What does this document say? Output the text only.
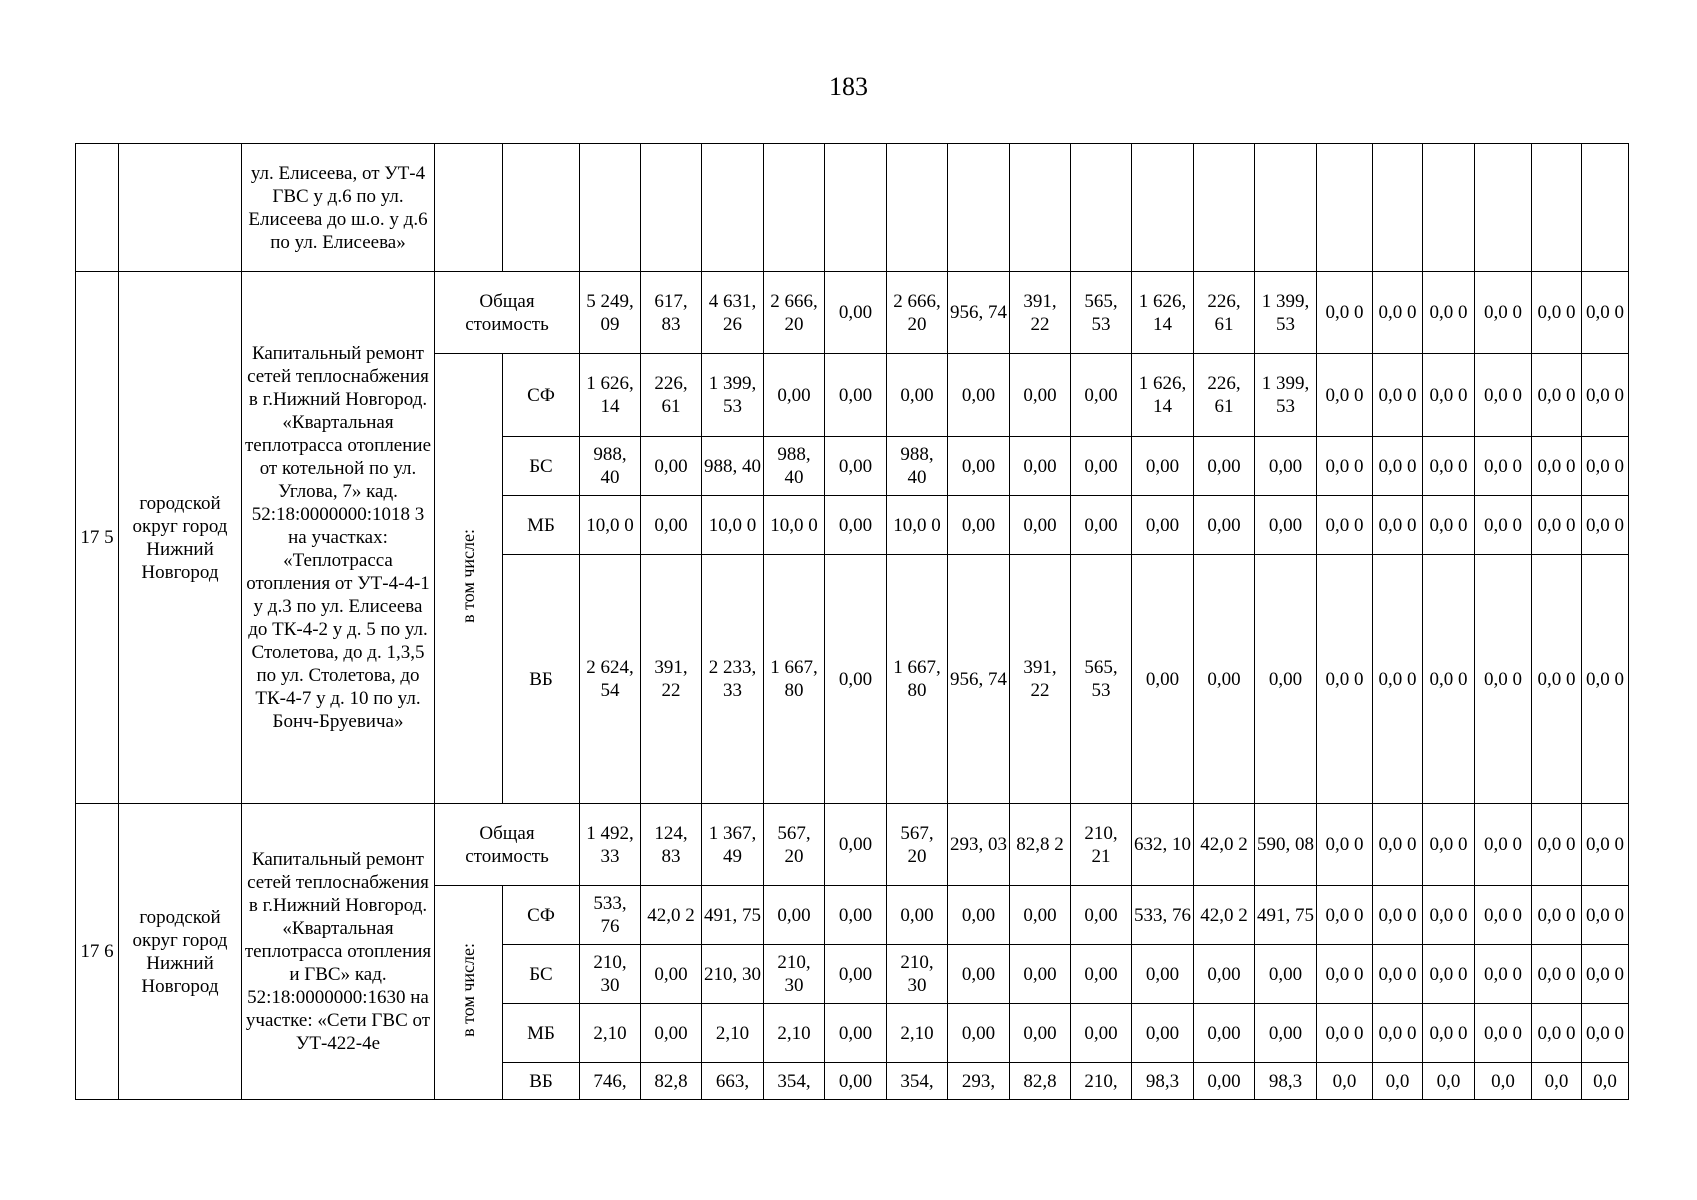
183
		ул. Елисеева, от УТ-4 ГВС у д.6 по ул. Елисеева до ш.о. у д.6 по ул. Елисеева»																				
17 5	городской округ город Нижний Новгород	Капитальный ремонт сетей теплоснабжения в г.Нижний Новгород. «Квартальная теплотрасса отопление от котельной по ул. Углова, 7» кад. 52:18:0000000:1018 3 на участках: «Теплотрасса отопления от УТ-4-4-1 у д.3 по ул. Елисеева до ТК-4-2 у д. 5 по ул. Столетова, до д. 1,3,5 по ул. Столетова, до ТК-4-7 у д. 10 по ул. Бонч-Бруевича»	Общая стоимость		5 249, 09	617, 83	4 631, 26	2 666, 20	0,00	2 666, 20	956, 74	391, 22	565, 53	1 626, 14	226, 61	1 399, 53	0,0 0	0,0 0	0,0 0	0,0 0	0,0 0	0,0 0
			в том числе:	СФ	1 626, 14	226, 61	1 399, 53	0,00	0,00	0,00	0,00	0,00	0,00	1 626, 14	226, 61	1 399, 53	0,0 0	0,0 0	0,0 0	0,0 0	0,0 0	0,0 0
				БС	988, 40	0,00	988, 40	988, 40	0,00	988, 40	0,00	0,00	0,00	0,00	0,00	0,00	0,0 0	0,0 0	0,0 0	0,0 0	0,0 0	0,0 0
				МБ	10,0 0	0,00	10,0 0	10,0 0	0,00	10,0 0	0,00	0,00	0,00	0,00	0,00	0,00	0,0 0	0,0 0	0,0 0	0,0 0	0,0 0	0,0 0
				ВБ	2 624, 54	391, 22	2 233, 33	1 667, 80	0,00	1 667, 80	956, 74	391, 22	565, 53	0,00	0,00	0,00	0,0 0	0,0 0	0,0 0	0,0 0	0,0 0	0,0 0
17 6	городской округ город Нижний Новгород	Капитальный ремонт сетей теплоснабжения в г.Нижний Новгород. «Квартальная теплотрасса отопления и ГВС» кад. 52:18:0000000:1630 на участке: «Сети ГВС от УТ-422-4е	Общая стоимость		1 492, 33	124, 83	1 367, 49	567, 20	0,00	567, 20	293, 03	82,8 2	210, 21	632, 10	42,0 2	590, 08	0,0 0	0,0 0	0,0 0	0,0 0	0,0 0	0,0 0
			в том числе:	СФ	533, 76	42,0 2	491, 75	0,00	0,00	0,00	0,00	0,00	0,00	533, 76	42,0 2	491, 75	0,0 0	0,0 0	0,0 0	0,0 0	0,0 0	0,0 0
				БС	210, 30	0,00	210, 30	210, 30	0,00	210, 30	0,00	0,00	0,00	0,00	0,00	0,00	0,0 0	0,0 0	0,0 0	0,0 0	0,0 0	0,0 0
				МБ	2,10	0,00	2,10	2,10	0,00	2,10	0,00	0,00	0,00	0,00	0,00	0,00	0,0 0	0,0 0	0,0 0	0,0 0	0,0 0	0,0 0
				ВБ	746,	82,8	663,	354,	0,00	354,	293,	82,8	210,	98,3	0,00	98,3	0,0	0,0	0,0	0,0	0,0	0,0
